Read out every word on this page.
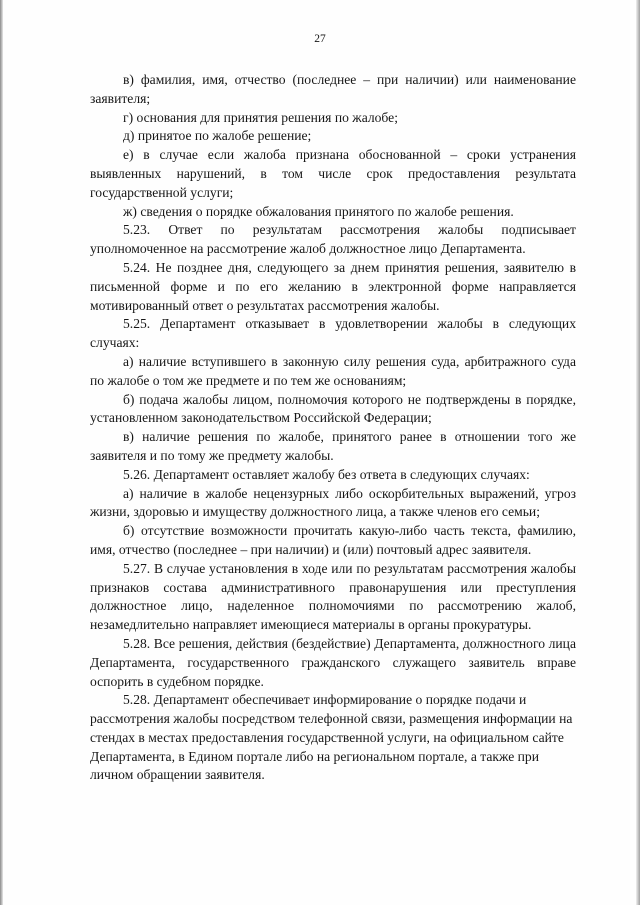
27

в) фамилия, имя, отчество (последнее – при наличии) или наименование заявителя;

г) основания для принятия решения по жалобе;

д) принятое по жалобе решение;

е) в случае если жалоба признана обоснованной – сроки устранения выявленных нарушений, в том числе срок предоставления результата государственной услуги;

ж) сведения о порядке обжалования принятого по жалобе решения.

5.23. Ответ по результатам рассмотрения жалобы подписывает уполномоченное на рассмотрение жалоб должностное лицо Департамента.

5.24. Не позднее дня, следующего за днем принятия решения, заявителю в письменной форме и по его желанию в электронной форме направляется мотивированный ответ о результатах рассмотрения жалобы.

5.25. Департамент отказывает в удовлетворении жалобы в следующих случаях:

а) наличие вступившего в законную силу решения суда, арбитражного суда по жалобе о том же предмете и по тем же основаниям;

б) подача жалобы лицом, полномочия которого не подтверждены в порядке, установленном законодательством Российской Федерации;

в) наличие решения по жалобе, принятого ранее в отношении того же заявителя и по тому же предмету жалобы.

5.26. Департамент оставляет жалобу без ответа в следующих случаях:

а) наличие в жалобе нецензурных либо оскорбительных выражений, угроз жизни, здоровью и имуществу должностного лица, а также членов его семьи;

б) отсутствие возможности прочитать какую-либо часть текста, фамилию, имя, отчество (последнее – при наличии) и (или) почтовый адрес заявителя.

5.27. В случае установления в ходе или по результатам рассмотрения жалобы признаков состава административного правонарушения или преступления должностное лицо, наделенное полномочиями по рассмотрению жалоб, незамедлительно направляет имеющиеся материалы в органы прокуратуры.

5.28. Все решения, действия (бездействие) Департамента, должностного лица Департамента, государственного гражданского служащего заявитель вправе оспорить в судебном порядке.

5.28. Департамент обеспечивает информирование о порядке подачи и рассмотрения жалобы посредством телефонной связи, размещения информации на стендах в местах предоставления государственной услуги, на официальном сайте Департамента, в Едином портале либо на региональном портале, а также при личном обращении заявителя.
